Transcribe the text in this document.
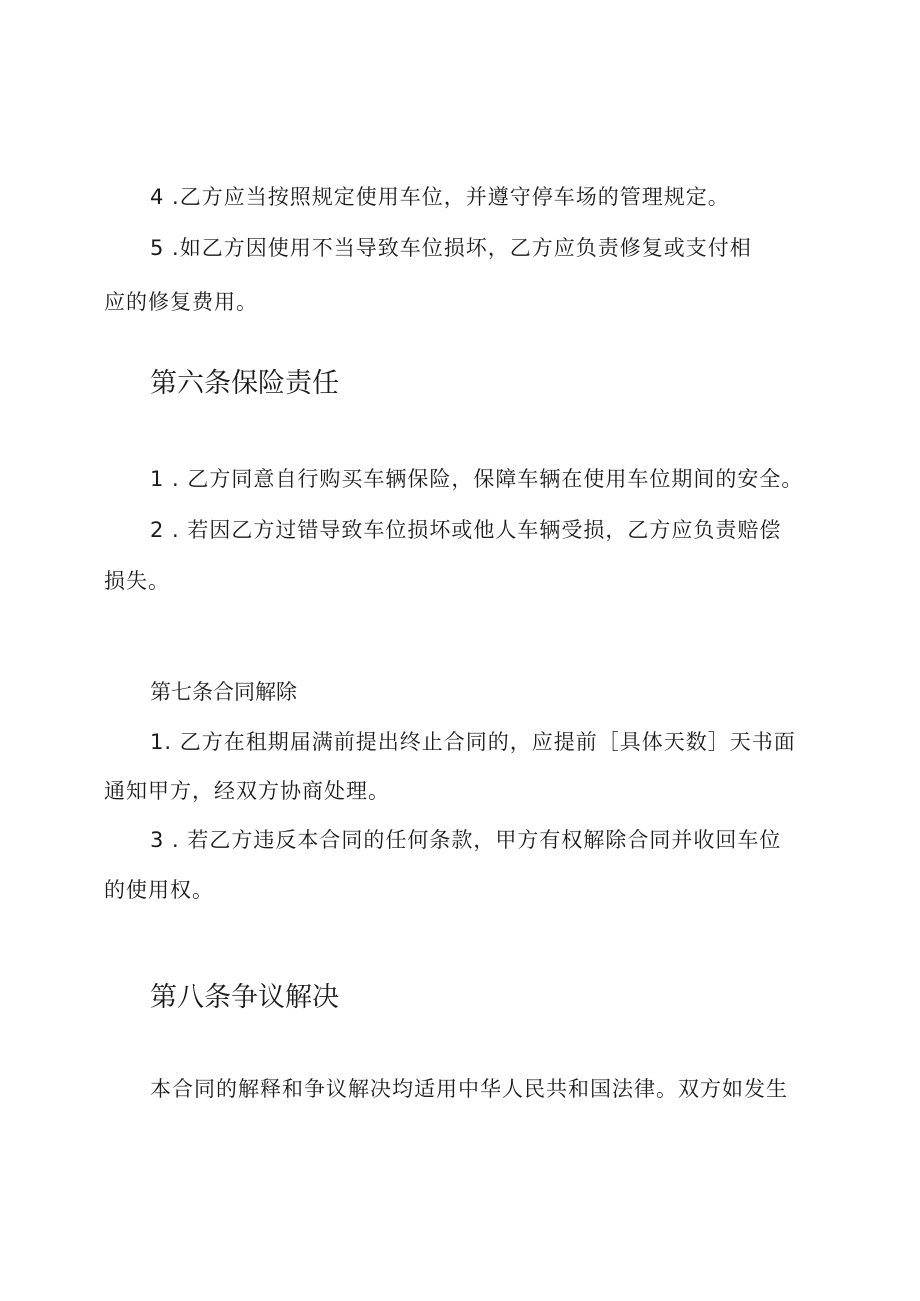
4 .乙方应当按照规定使用车位，并遵守停车场的管理规定。
5 .如乙方因使用不当导致车位损坏，乙方应负责修复或支付相
应的修复费用。
第六条保险责任
1 . 乙方同意自行购买车辆保险，保障车辆在使用车位期间的安全。
2 . 若因乙方过错导致车位损坏或他人车辆受损，乙方应负责赔偿
损失。
第七条合同解除
1. 乙方在租期届满前提出终止合同的，应提前［具体天数］天书面
通知甲方，经双方协商处理。
3 . 若乙方违反本合同的任何条款，甲方有权解除合同并收回车位
的使用权。
第八条争议解决
本合同的解释和争议解决均适用中华人民共和国法律。双方如发生
